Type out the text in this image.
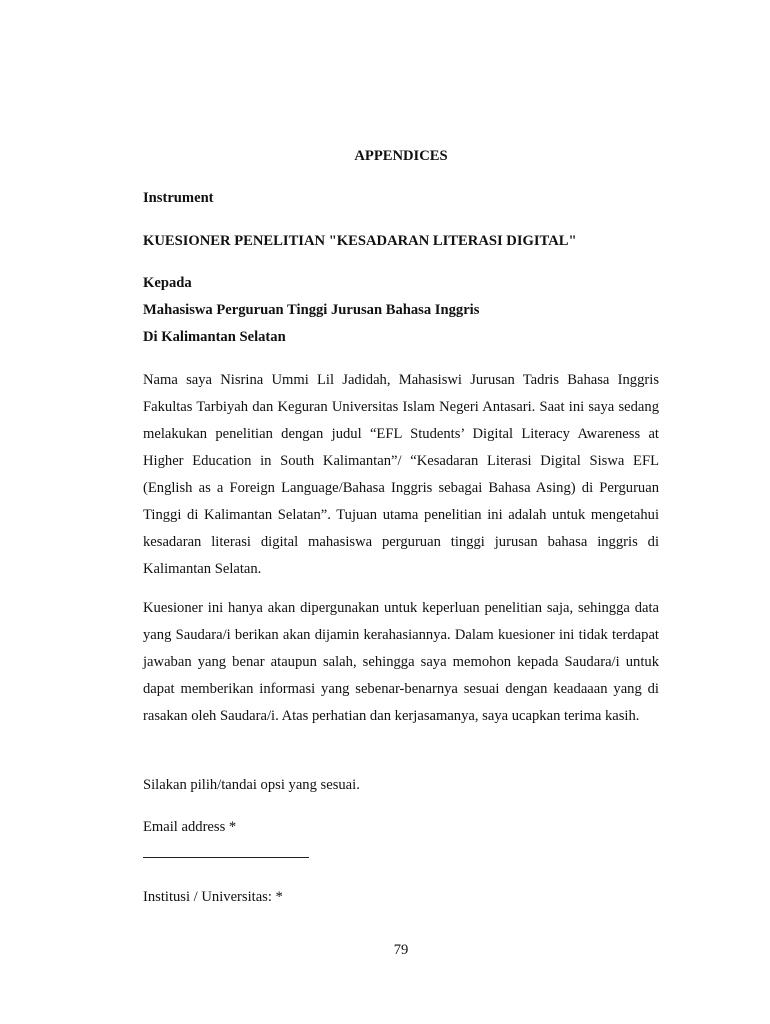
APPENDICES

Instrument

KUESIONER PENELITIAN "KESADARAN LITERASI DIGITAL"

Kepada
Mahasiswa Perguruan Tinggi Jurusan Bahasa Inggris
Di Kalimantan Selatan

Nama saya Nisrina Ummi Lil Jadidah, Mahasiswi Jurusan Tadris Bahasa Inggris Fakultas Tarbiyah dan Keguran Universitas Islam Negeri Antasari. Saat ini saya sedang melakukan penelitian dengan judul “EFL Students’ Digital Literacy Awareness at Higher Education in South Kalimantan”/ “Kesadaran Literasi Digital Siswa EFL (English as a Foreign Language/Bahasa Inggris sebagai Bahasa Asing) di Perguruan Tinggi di Kalimantan Selatan”. Tujuan utama penelitian ini adalah untuk mengetahui kesadaran literasi digital mahasiswa perguruan tinggi jurusan bahasa inggris di Kalimantan Selatan.

Kuesioner ini hanya akan dipergunakan untuk keperluan penelitian saja, sehingga data yang Saudara/i berikan akan dijamin kerahasiannya. Dalam kuesioner ini tidak terdapat jawaban yang benar ataupun salah, sehingga saya memohon kepada Saudara/i untuk dapat memberikan informasi yang sebenar-benarnya sesuai dengan keadaaan yang di rasakan oleh Saudara/i. Atas perhatian dan kerjasamanya, saya ucapkan terima kasih.

Silakan pilih/tandai opsi yang sesuai.

Email address *

Institusi / Universitas: *

79
